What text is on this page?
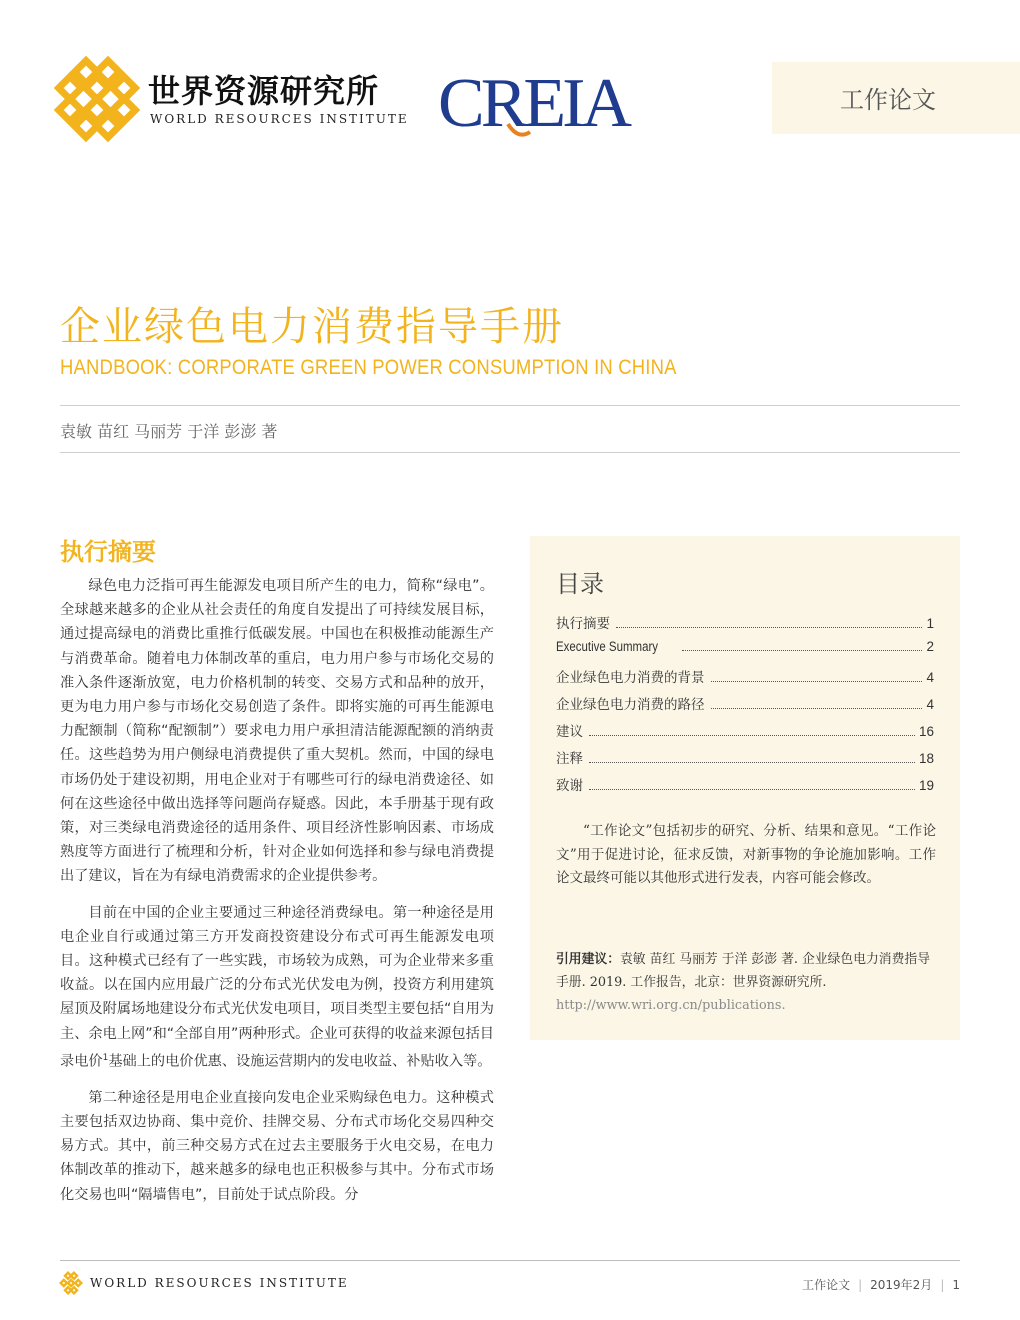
世界资源研究所
WORLD RESOURCES INSTITUTE CREIA	工作论文
企业绿色电力消费指导手册
HANDBOOK: CORPORATE GREEN POWER CONSUMPTION IN CHINA
袁敏 苗红 马丽芳 于洋 彭澎 著
执行摘要

绿色电力泛指可再生能源发电项目所产生的电力，简称“绿电”。全球越来越多的企业从社会责任的角度自发提出了可持续发展目标，通过提高绿电的消费比重推行低碳发展。中国也在积极推动能源生产与消费革命。随着电力体制改革的重启，电力用户参与市场化交易的准入条件逐渐放宽，电力价格机制的转变、交易方式和品种的放开，更为电力用户参与市场化交易创造了条件。即将实施的可再生能源电力配额制（简称“配额制”）要求电力用户承担清洁能源配额的消纳责任。这些趋势为用户侧绿电消费提供了重大契机。然而，中国的绿电市场仍处于建设初期，用电企业对于有哪些可行的绿电消费途径、如何在这些途径中做出选择等问题尚存疑惑。因此，本手册基于现有政策，对三类绿电消费途径的适用条件、项目经济性影响因素、市场成熟度等方面进行了梳理和分析，针对企业如何选择和参与绿电消费提出了建议，旨在为有绿电消费需求的企业提供参考。

目前在中国的企业主要通过三种途径消费绿电。第一种途径是用电企业自行或通过第三方开发商投资建设分布式可再生能源发电项目。这种模式已经有了一些实践，市场较为成熟，可为企业带来多重收益。以在国内应用最广泛的分布式光伏发电为例，投资方利用建筑屋顶及附属场地建设分布式光伏发电项目，项目类型主要包括“自用为主、余电上网”和“全部自用”两种形式。企业可获得的收益来源包括目录电价$^1$基础上的电价优惠、设施运营期内的发电收益、补贴收入等。

第二种途径是用电企业直接向发电企业采购绿色电力。这种模式主要包括双边协商、集中竞价、挂牌交易、分布式市场化交易四种交易方式。其中，前三种交易方式在过去主要服务于火电交易，在电力体制改革的推动下，越来越多的绿电也正积极参与其中。分布式市场化交易也叫“隔墙售电”，目前处于试点阶段。分

目录
执行摘要	1
Executive Summary	2
企业绿色电力消费的背景	4
企业绿色电力消费的路径	4
建议	16
注释	18
致谢	19
“工作论文”包括初步的研究、分析、结果和意见。“工作论文”用于促进讨论，征求反馈，对新事物的争论施加影响。工作论文最终可能以其他形式进行发表，内容可能会修改。
引用建议：袁敏 苗红 马丽芳 于洋 彭澎 著. 企业绿色电力消费指导手册. 2019. 工作报告，北京：世界资源研究所. http://www.wri.org.cn/publications.
WORLD RESOURCES INSTITUTE	工作论文 | 2019年2月 | 1
